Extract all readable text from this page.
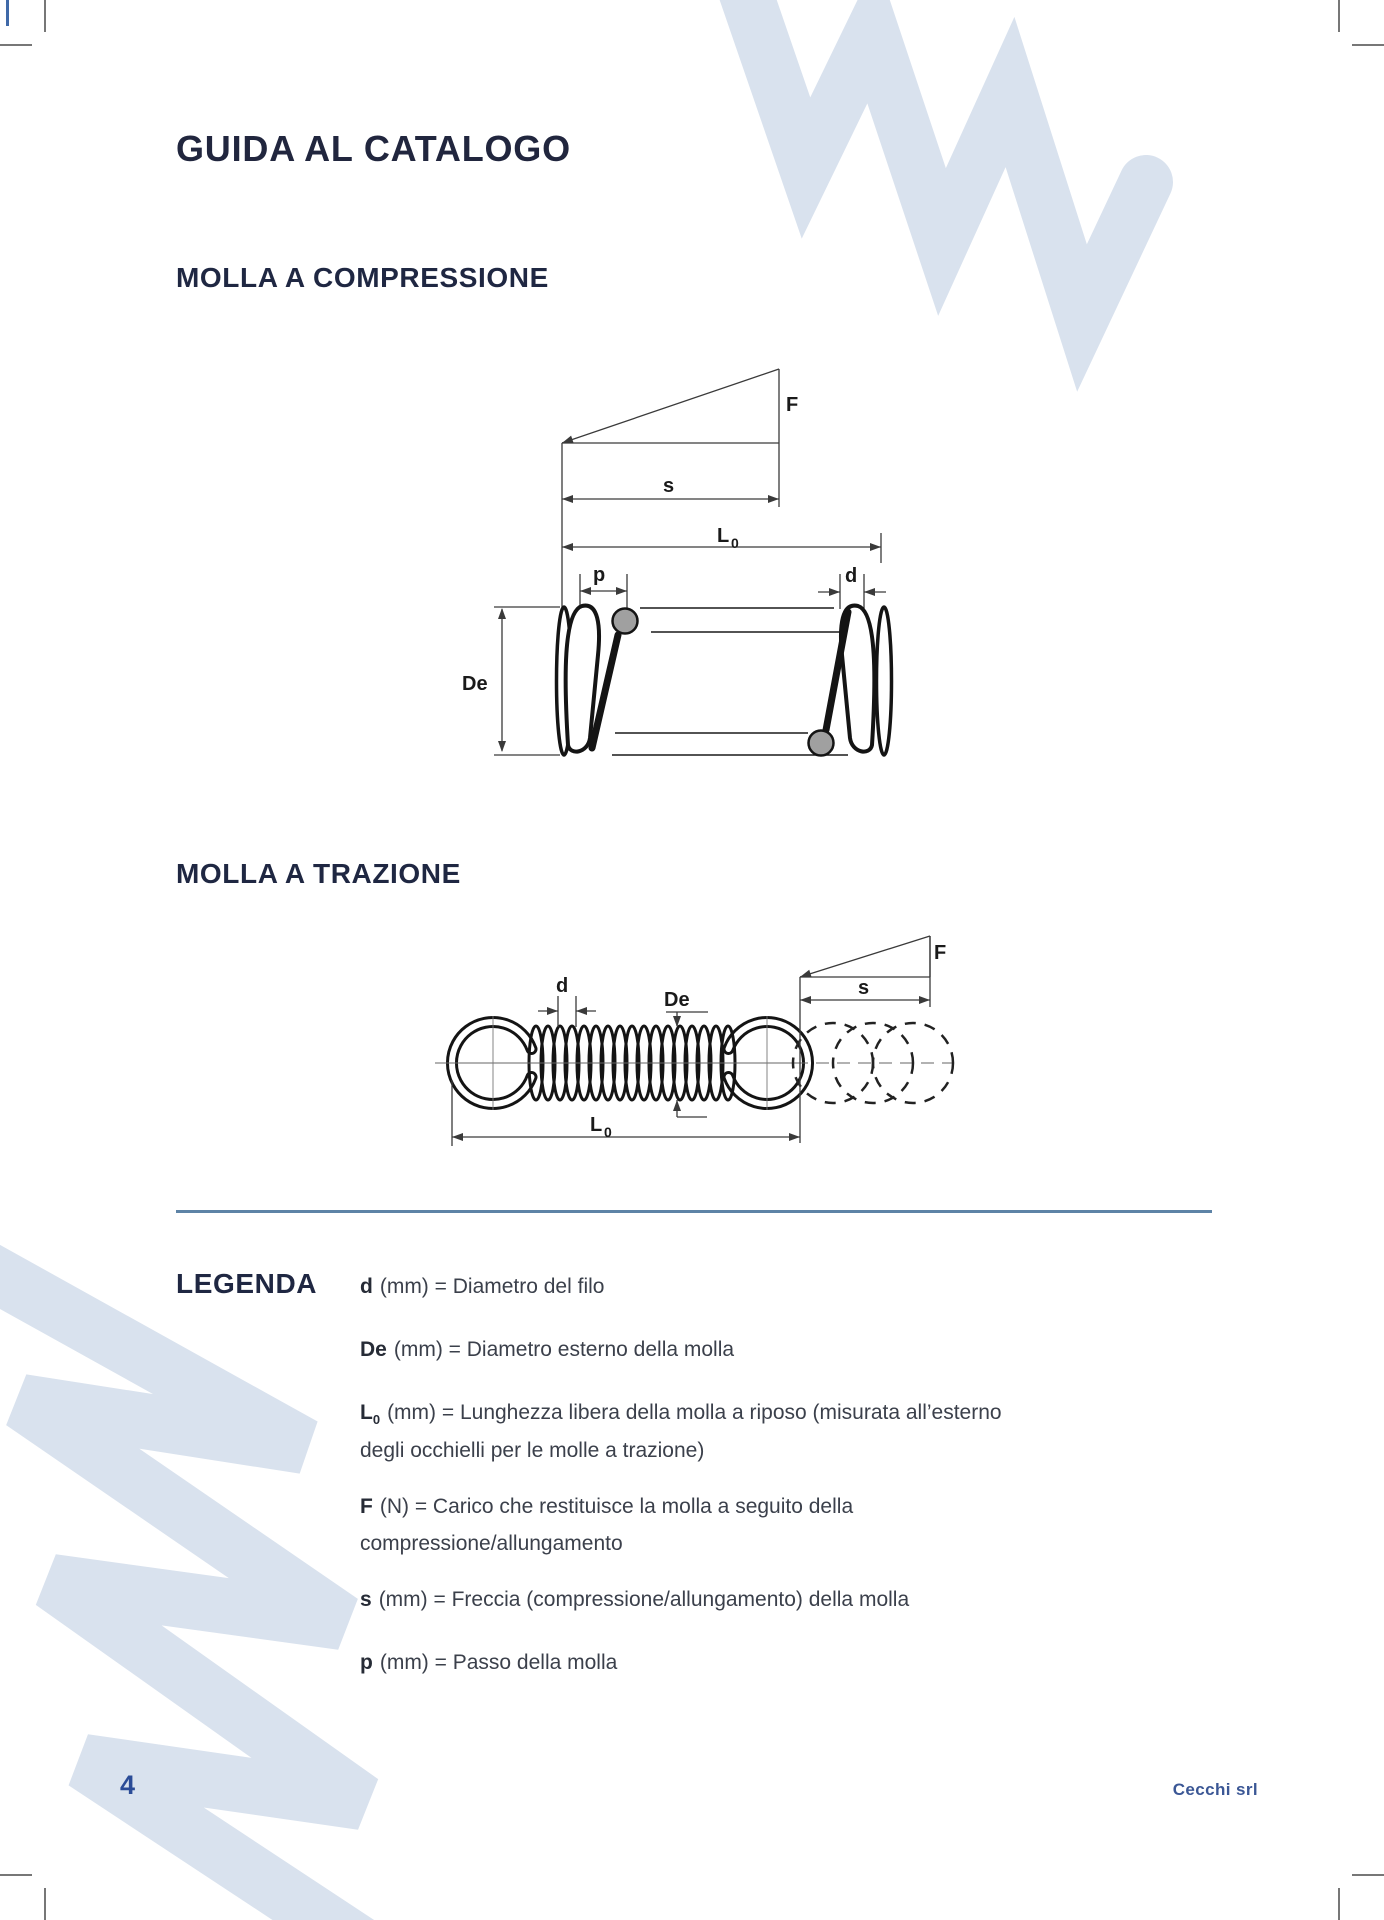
F
s
L 0
p	d
De
d
De
F
s
L 0
GUIDA AL CATALOGO
MOLLA A COMPRESSIONE
MOLLA A TRAZIONE
LEGENDA d (mm) = Diametro del filo
De (mm) = Diametro esterno della molla
$L_0$ (mm) = Lunghezza libera della molla a riposo (misurata all’esterno degli occhielli per le molle a trazione)
F (N) = Carico che restituisce la molla a seguito della compressione/allungamento
s (mm) = Freccia (compressione/allungamento) della molla
p (mm) = Passo della molla
4	Cecchi srl
